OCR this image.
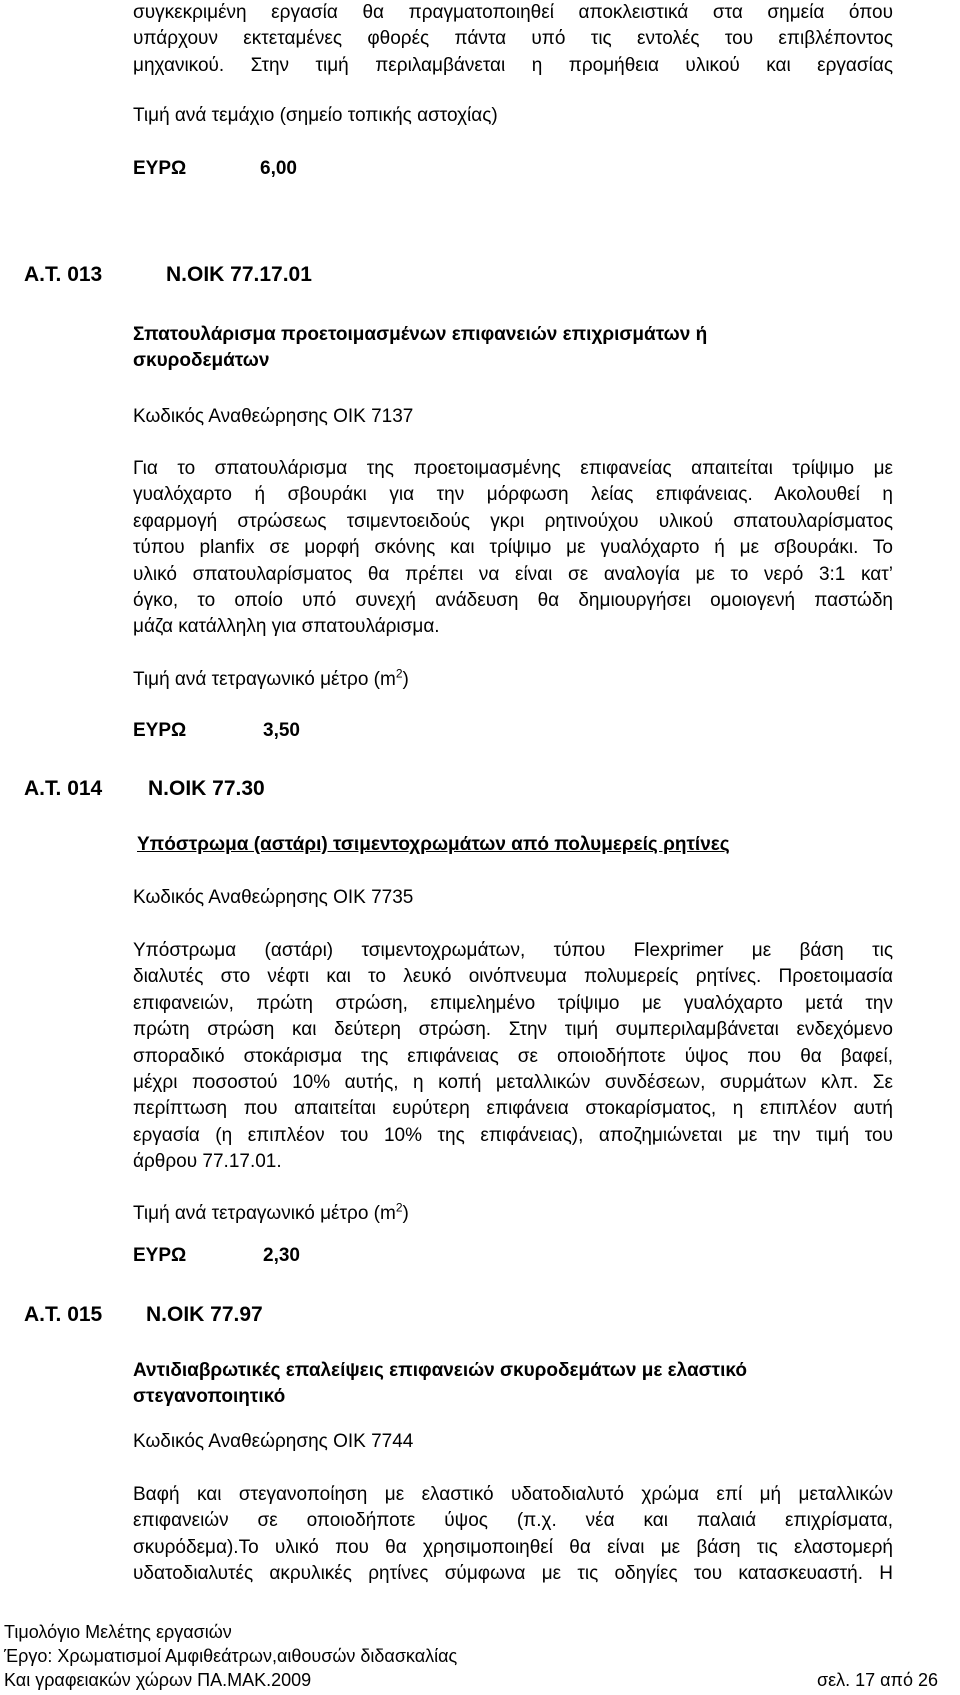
συγκεκριμένη εργασία θα πραγματοποιηθεί αποκλειστικά στα σημεία όπου
υπάρχουν εκτεταμένες φθορές πάντα υπό τις εντολές του επιβλέποντος
μηχανικού. Στην τιμή περιλαμβάνεται η προμήθεια υλικού και εργασίας
Τιμή ανά τεμάχιο (σημείο τοπικής αστοχίας)
ΕΥΡΩ	6,00
Α.Τ. 013	Ν.ΟΙΚ 77.17.01
Σπατουλάρισμα προετοιμασμένων επιφανειών επιχρισμάτων ή
σκυροδεμάτων
Κωδικός Αναθεώρησης ΟΙΚ 7137
Για το σπατουλάρισμα της προετοιμασμένης επιφανείας απαιτείται τρίψιμο με
γυαλόχαρτο ή σβουράκι για την μόρφωση λείας επιφάνειας. Ακολουθεί η
εφαρμογή στρώσεως τσιμεντοειδούς γκρι ρητινούχου υλικού σπατουλαρίσματος
τύπου planfix σε μορφή σκόνης και τρίψιμο με γυαλόχαρτο ή με σβουράκι. Το
υλικό σπατουλαρίσματος θα πρέπει να είναι σε αναλογία με το νερό 3:1 κατ’
όγκο, το οποίο υπό συνεχή ανάδευση θα δημιουργήσει ομοιογενή παστώδη
μάζα κατάλληλη για σπατουλάρισμα.
Τιμή ανά τετραγωνικό μέτρο $(m^2)$
ΕΥΡΩ	3,50
Α.Τ. 014 Ν.ΟΙΚ 77.30
Υπόστρωμα (αστάρι) τσιμεντοχρωμάτων από πολυμερείς ρητίνες
Κωδικός Αναθεώρησης ΟΙΚ 7735
Υπόστρωμα (αστάρι) τσιμεντοχρωμάτων, τύπου Flexprimer με βάση τις
διαλυτές στο νέφτι και το λευκό οινόπνευμα πολυμερείς ρητίνες. Προετοιμασία
επιφανειών, πρώτη στρώση, επιμελημένο τρίψιμο με γυαλόχαρτο μετά την
πρώτη στρώση και δεύτερη στρώση. Στην τιμή συμπεριλαμβάνεται ενδεχόμενο
σποραδικό στοκάρισμα της επιφάνειας σε οποιοδήποτε ύψος που θα βαφεί,
μέχρι ποσοστού 10% αυτής, η κοπή μεταλλικών συνδέσεων, συρμάτων κλπ. Σε
περίπτωση που απαιτείται ευρύτερη επιφάνεια στοκαρίσματος, η επιπλέον αυτή
εργασία (η επιπλέον του 10% της επιφάνειας), αποζημιώνεται με την τιμή του
άρθρου 77.17.01.
Τιμή ανά τετραγωνικό μέτρο $(m^2)$
ΕΥΡΩ	2,30
Α.Τ. 015 Ν.ΟΙΚ 77.97
Αντιδιαβρωτικές επαλείψεις επιφανειών σκυροδεμάτων με ελαστικό
στεγανοποιητικό
Κωδικός Αναθεώρησης ΟΙΚ 7744
Βαφή και στεγανοποίηση με ελαστικό υδατοδιαλυτό χρώμα επί μή μεταλλικών
επιφανειών σε οποιοδήποτε ύψος (π.χ. νέα και παλαιά επιχρίσματα,
σκυρόδεμα).Το υλικό που θα χρησιμοποιηθεί θα είναι με βάση τις ελαστομερή
υδατοδιαλυτές ακρυλικές ρητίνες σύμφωνα με τις οδηγίες του κατασκευαστή. Η
Τιμολόγιο Μελέτης εργασιών
Έργο: Χρωματισμοί Αμφιθεάτρων,αιθουσών διδασκαλίας
Και γραφειακών χώρων ΠΑ.ΜΑΚ.2009	σελ. 17 από 26
